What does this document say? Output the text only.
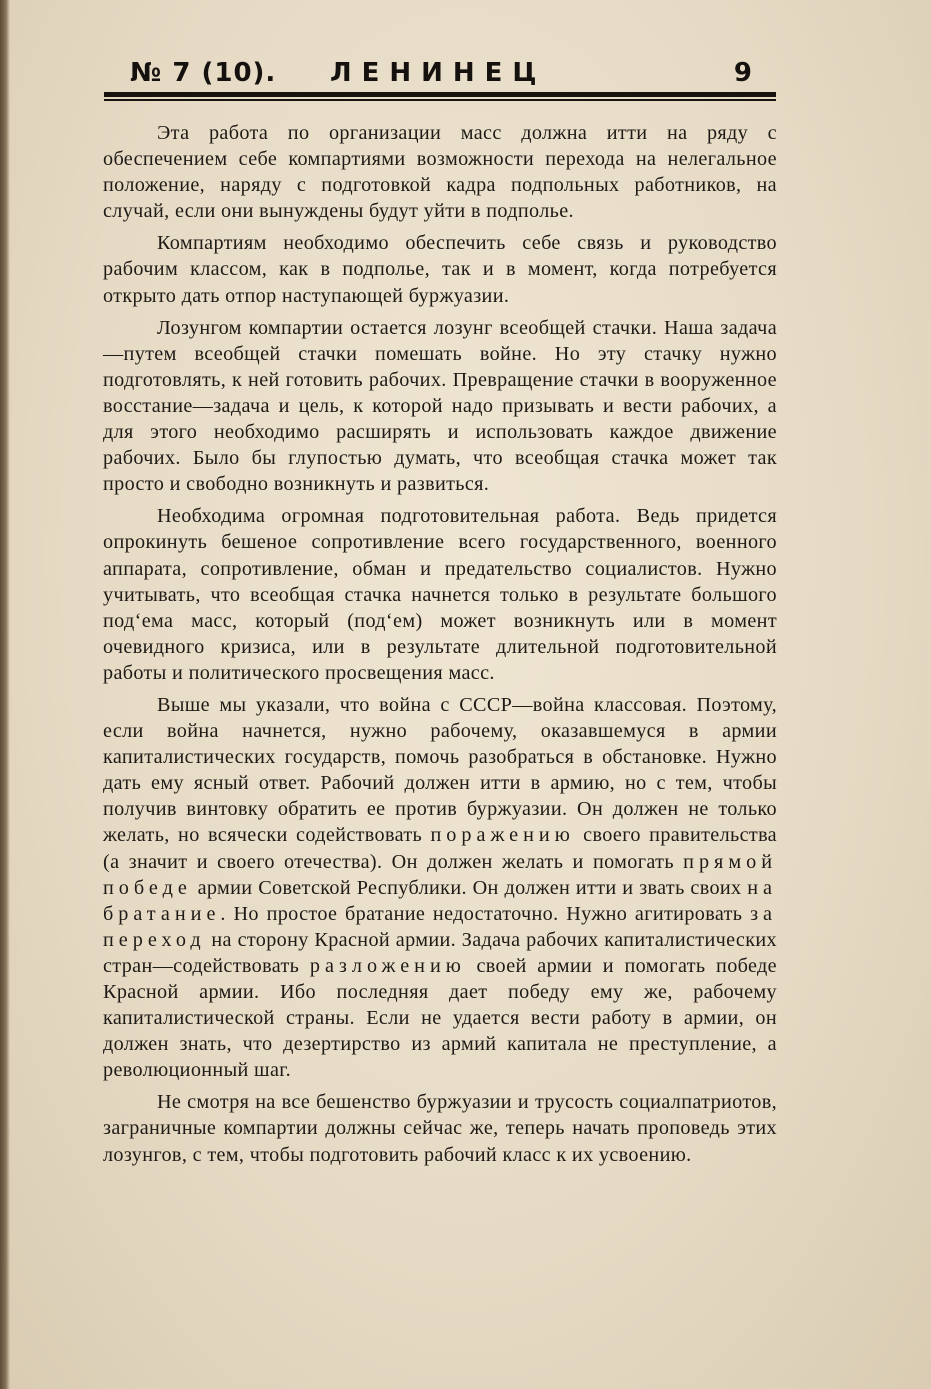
№ 7 (10). ЛЕНИНЕЦ	9

Эта работа по организации масс должна итти на ряду с обеспечением себе компартиями возможности перехода на нелегальное положение, наряду с подготовкой кадра подпольных работников, на случай, если они вынуждены будут уйти в подполье.

Компартиям необходимо обеспечить себе связь и руководство рабочим классом, как в подполье, так и в момент, когда потребуется открыто дать отпор наступающей буржуазии.

Лозунгом компартии остается лозунг всеобщей стачки. Наша задача—путем всеобщей стачки помешать войне. Но эту стачку нужно подготовлять, к ней готовить рабочих. Превращение стачки в вооруженное восстание—задача и цель, к которой надо призывать и вести рабочих, а для этого необходимо расширять и использовать каждое движение рабочих. Было бы глупостью думать, что всеобщая стачка может так просто и свободно возникнуть и развиться.

Необходима огромная подготовительная работа. Ведь придется опрокинуть бешеное сопротивление всего государственного, военного аппарата, сопротивление, обман и предательство социалистов. Нужно учитывать, что всеобщая стачка начнется только в результате большого под‘ема масс, который (под‘ем) может возникнуть или в момент очевидного кризиса, или в результате длительной подготовительной работы и политического просвещения масс.

Выше мы указали, что война с СССР—война классовая. Поэтому, если война начнется, нужно рабочему, оказавшемуся в армии капиталистических государств, помочь разобраться в обстановке. Нужно дать ему ясный ответ. Рабочий должен итти в армию, но с тем, чтобы получив винтовку обратить ее против буржуазии. Он должен не только желать, но всячески содействовать поражению своего правительства (а значит и своего отечества). Он должен желать и помогать прямой победе армии Советской Республики. Он должен итти и звать своих на братание. Но простое братание недостаточно. Нужно агитировать за переход на сторону Красной армии. Задача рабочих капиталистических стран—содействовать разложению своей армии и помогать победе Красной армии. Ибо последняя дает победу ему же, рабочему капиталистической страны. Если не удается вести работу в армии, он должен знать, что дезертирство из армий капитала не преступление, а революционный шаг.

Не смотря на все бешенство буржуазии и трусость социалпатриотов, заграничные компартии должны сейчас же, теперь начать проповедь этих лозунгов, с тем, чтобы подготовить рабочий класс к их усвоению.
